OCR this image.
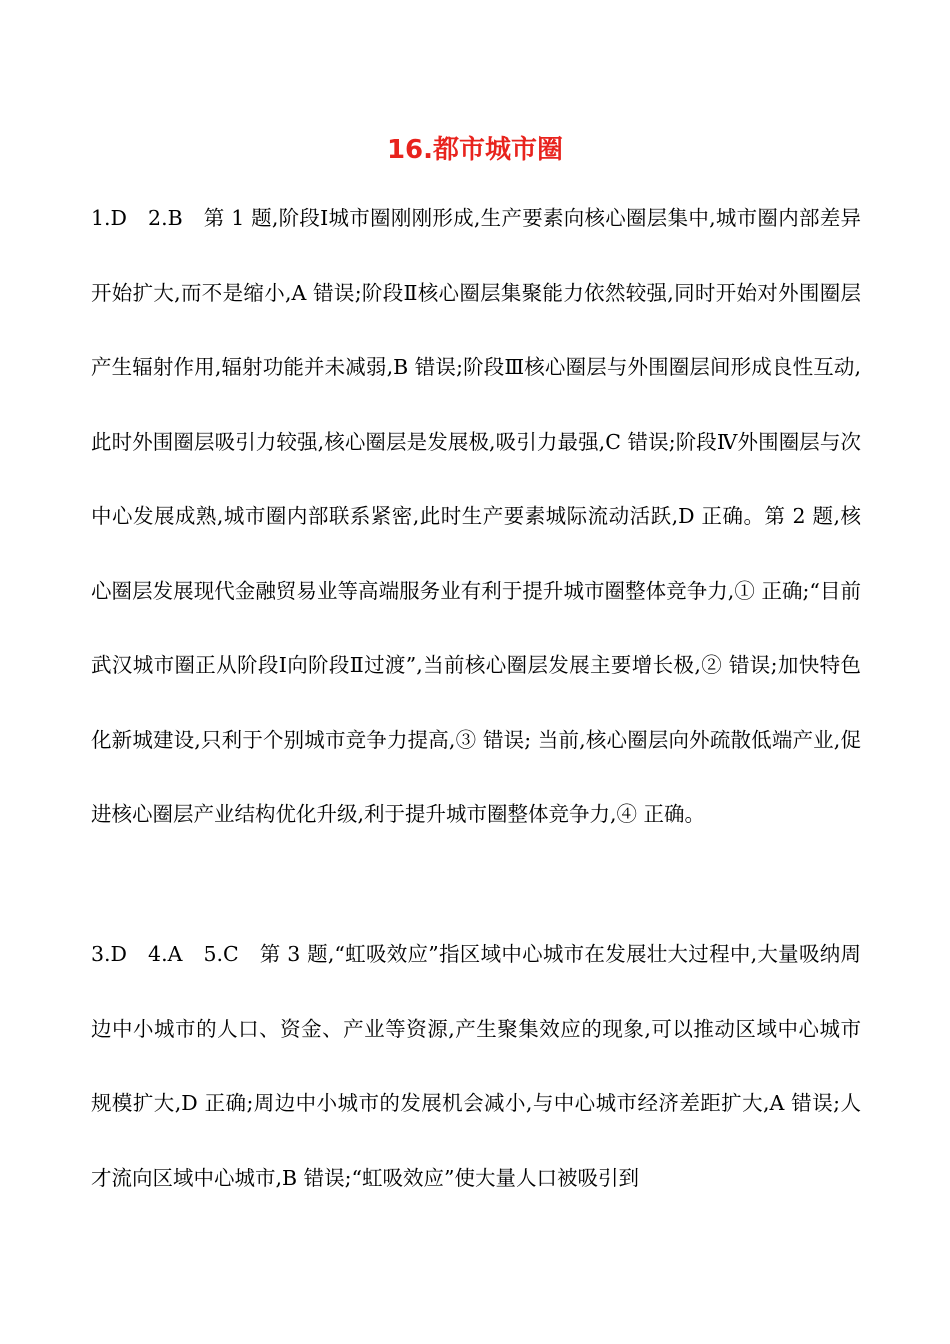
16.都市城市圈

1.D　2.B　第 1 题,阶段Ⅰ城市圈刚刚形成,生产要素向核心圈层集中,城市圈内部差异开始扩大,而不是缩小,A 错误;阶段Ⅱ核心圈层集聚能力依然较强,同时开始对外围圈层产生辐射作用,辐射功能并未减弱,B 错误;阶段Ⅲ核心圈层与外围圈层间形成良性互动,此时外围圈层吸引力较强,核心圈层是发展极,吸引力最强,C 错误;阶段Ⅳ外围圈层与次中心发展成熟,城市圈内部联系紧密,此时生产要素城际流动活跃,D 正确。第 2 题,核心圈层发展现代金融贸易业等高端服务业有利于提升城市圈整体竞争力,① 正确;“目前武汉城市圈正从阶段Ⅰ向阶段Ⅱ过渡”,当前核心圈层发展主要增长极,② 错误;加快特色化新城建设,只利于个别城市竞争力提高,③ 错误; 当前,核心圈层向外疏散低端产业,促进核心圈层产业结构优化升级,利于提升城市圈整体竞争力,④ 正确。

3.D　4.A　5.C　第 3 题,“虹吸效应”指区域中心城市在发展壮大过程中,大量吸纳周边中小城市的人口、资金、产业等资源,产生聚集效应的现象,可以推动区域中心城市规模扩大,D 正确;周边中小城市的发展机会减小,与中心城市经济差距扩大,A 错误;人才流向区域中心城市,B 错误;“虹吸效应”使大量人口被吸引到
